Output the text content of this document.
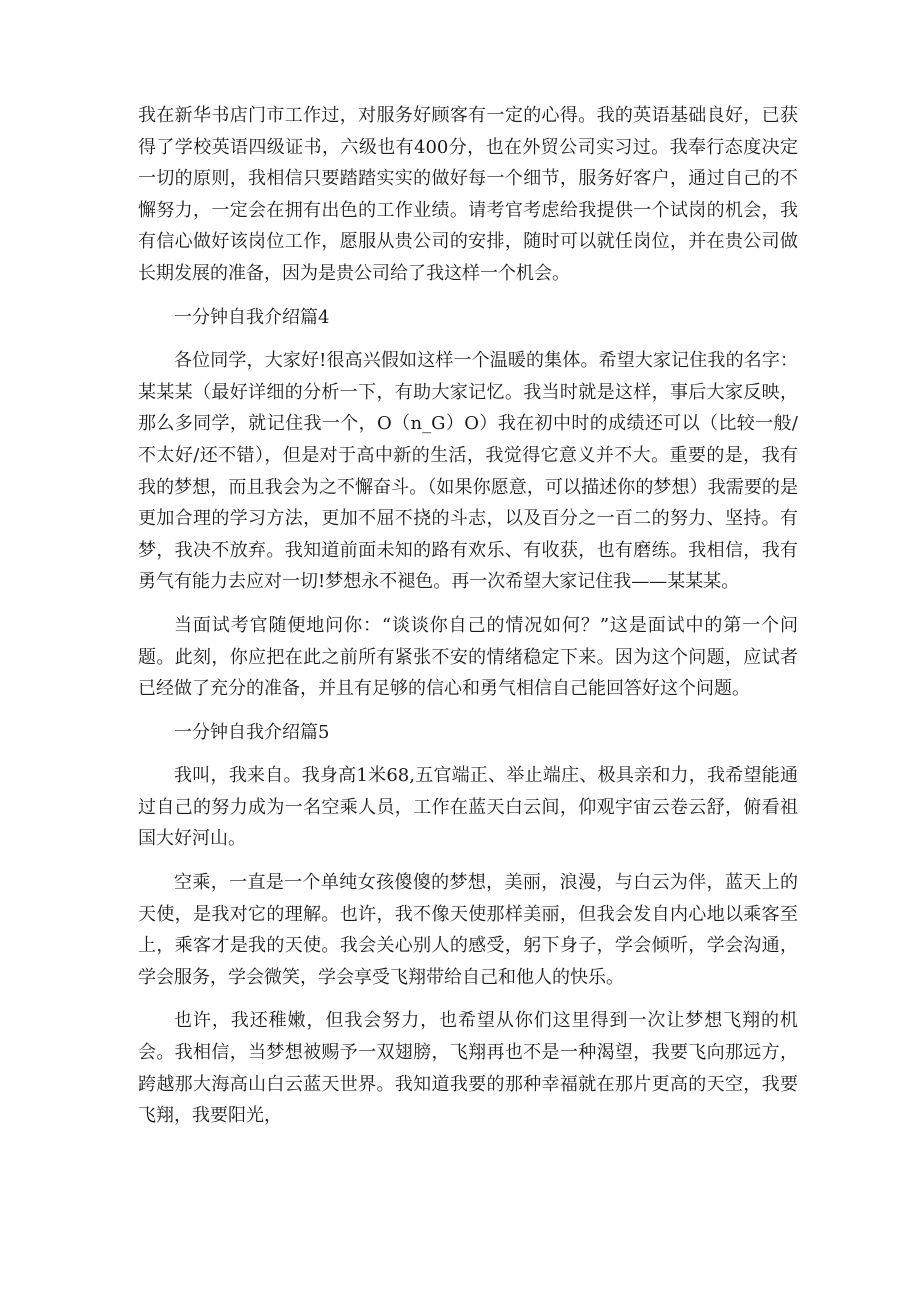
我在新华书店门市工作过，对服务好顾客有一定的心得。我的英语基础良好，已获得了学校英语四级证书，六级也有400分，也在外贸公司实习过。我奉行态度决定一切的原则，我相信只要踏踏实实的做好每一个细节，服务好客户，通过自己的不懈努力，一定会在拥有出色的工作业绩。请考官考虑给我提供一个试岗的机会，我有信心做好该岗位工作，愿服从贵公司的安排，随时可以就任岗位，并在贵公司做长期发展的准备，因为是贵公司给了我这样一个机会。

一分钟自我介绍篇4

各位同学，大家好!很高兴假如这样一个温暖的集体。希望大家记住我的名字：某某某（最好详细的分析一下，有助大家记忆。我当时就是这样，事后大家反映，那么多同学，就记住我一个，O（n_G）O）我在初中时的成绩还可以（比较一般/不太好/还不错），但是对于高中新的生活，我觉得它意义并不大。重要的是，我有我的梦想，而且我会为之不懈奋斗。（如果你愿意，可以描述你的梦想）我需要的是更加合理的学习方法，更加不屈不挠的斗志，以及百分之一百二的努力、坚持。有梦，我决不放弃。我知道前面未知的路有欢乐、有收获，也有磨练。我相信，我有勇气有能力去应对一切!梦想永不褪色。再一次希望大家记住我——某某某。

当面试考官随便地问你：“谈谈你自己的情况如何？”这是面试中的第一个问题。此刻，你应把在此之前所有紧张不安的情绪稳定下来。因为这个问题，应试者已经做了充分的准备，并且有足够的信心和勇气相信自己能回答好这个问题。

一分钟自我介绍篇5

我叫，我来自。我身高1米68,五官端正、举止端庄、极具亲和力，我希望能通过自己的努力成为一名空乘人员，工作在蓝天白云间，仰观宇宙云卷云舒，俯看祖国大好河山。

空乘，一直是一个单纯女孩傻傻的梦想，美丽，浪漫，与白云为伴，蓝天上的天使，是我对它的理解。也许，我不像天使那样美丽，但我会发自内心地以乘客至上，乘客才是我的天使。我会关心别人的感受，躬下身子，学会倾听，学会沟通，学会服务，学会微笑，学会享受飞翔带给自己和他人的快乐。

也许，我还稚嫩，但我会努力，也希望从你们这里得到一次让梦想飞翔的机会。我相信，当梦想被赐予一双翅膀，飞翔再也不是一种渴望，我要飞向那远方，跨越那大海高山白云蓝天世界。我知道我要的那种幸福就在那片更高的天空，我要飞翔，我要阳光，
